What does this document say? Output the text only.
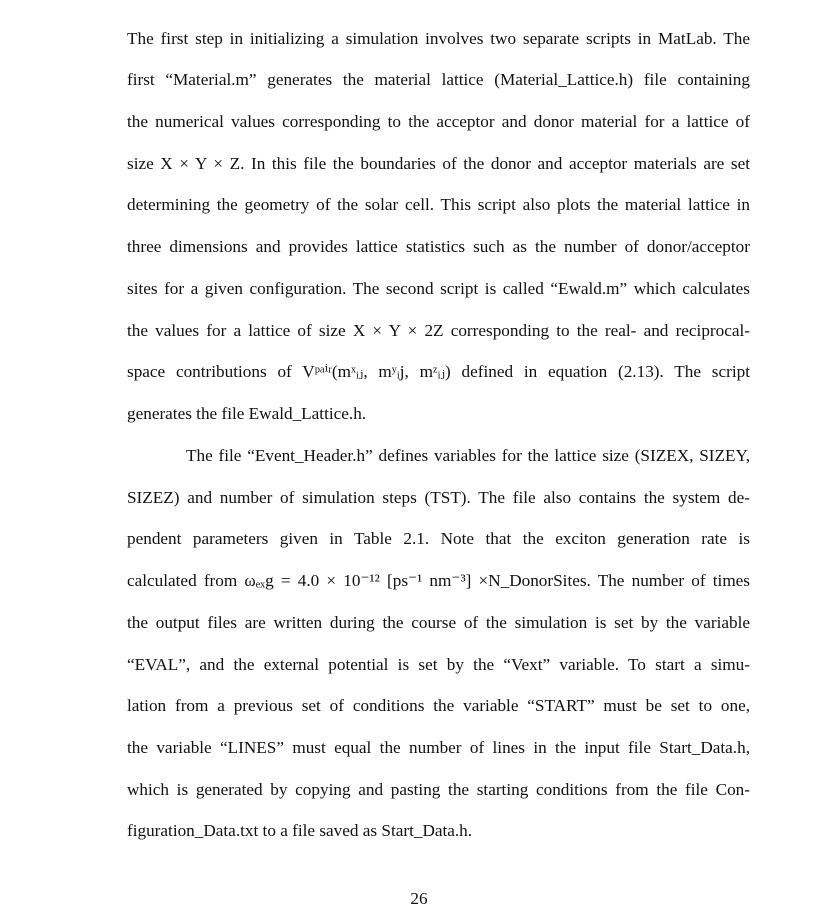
The first step in initializing a simulation involves two separate scripts in MatLab. The
first “Material.m” generates the material lattice (Material_Lattice.h) file containing
the numerical values corresponding to the acceptor and donor material for a lattice of
size X × Y × Z. In this file the boundaries of the donor and acceptor materials are set
determining the geometry of the solar cell. This script also plots the material lattice in
three dimensions and provides lattice statistics such as the number of donor/acceptor
sites for a given configuration. The second script is called “Ewald.m” which calculates
the values for a lattice of size X × Y × 2Z corresponding to the real- and reciprocal-
space contributions of Vᵖᵃⁱʳ(mˣᵢⱼ, mʸᵢj, mᶻᵢⱼ) defined in equation (2.13). The script
generates the file Ewald_Lattice.h.
The file “Event_Header.h” defines variables for the lattice size (SIZEX, SIZEY,
SIZEZ) and number of simulation steps (TST). The file also contains the system de-
pendent parameters given in Table 2.1. Note that the exciton generation rate is
calculated from ωₑₓg = 4.0 × 10⁻¹² [ps⁻¹ nm⁻³] ×N_DonorSites. The number of times
the output files are written during the course of the simulation is set by the variable
“EVAL”, and the external potential is set by the “Vext” variable. To start a simu-
lation from a previous set of conditions the variable “START” must be set to one,
the variable “LINES” must equal the number of lines in the input file Start_Data.h,
which is generated by copying and pasting the starting conditions from the file Con-
figuration_Data.txt to a file saved as Start_Data.h.
26
